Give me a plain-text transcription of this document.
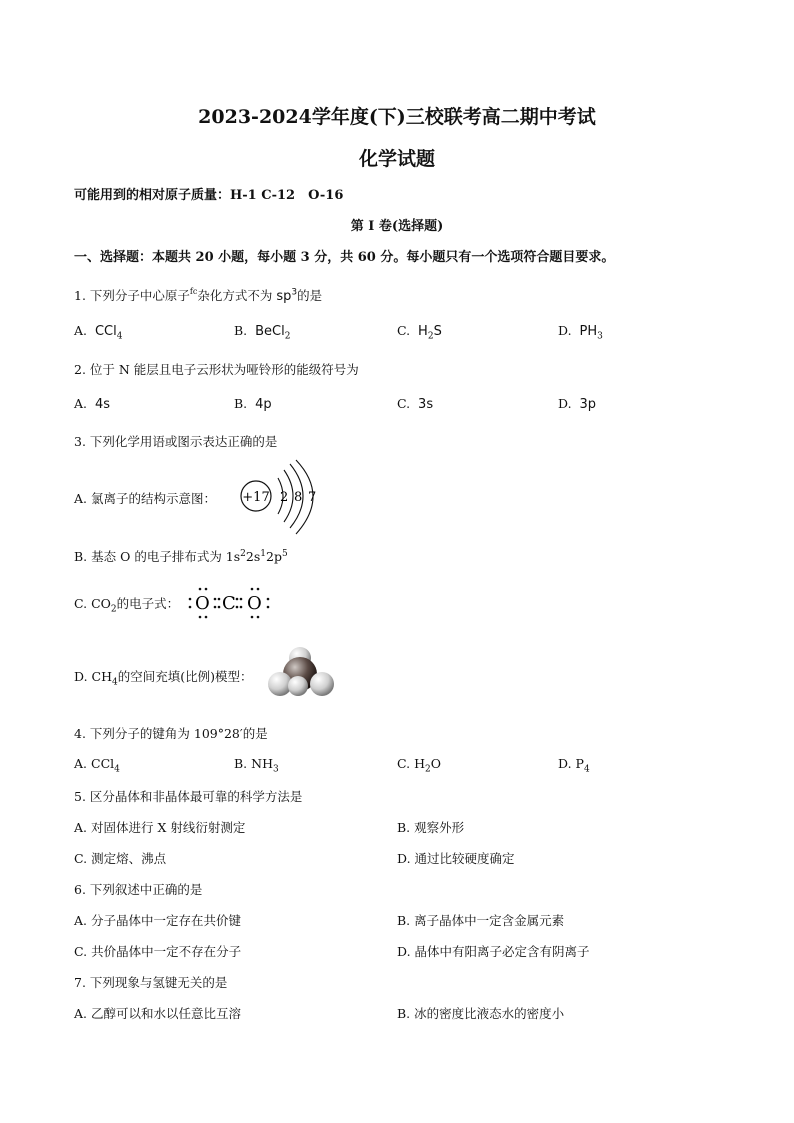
2023-2024学年度(下)三校联考高二期中考试
化学试题
可能用到的相对原子质量：H-1 C-12　O-16
第 I 卷(选择题)
一、选择题：本题共 20 小题，每小题 3 分，共 60 分。每小题只有一个选项符合题目要求。
1. 下列分子中心原子$^{fc}$杂化方式不为 $sp^3$的是
A. CCl$_4$	B. BeCl$_2$	C. $H_2S$	D. $PH_3$
2. 位于 N 能层且电子云形状为哑铃形的能级符号为
A. 4s	B. 4p	C. 3s	D. 3p
3. 下列化学用语或图示表达正确的是
A. 氯离子的结构示意图： +17 2 8 7
B. 基态 O 的电子排布式为 $1s^22s^12p^5$
C. $CO_2$的电子式： O C O
D. $CH_4$的空间充填(比例)模型：
4. 下列分子的键角为 109°28′的是
A. CCl$_4$	B. $NH_3$	C. $H_2O$	D. $P_4$
5. 区分晶体和非晶体最可靠的科学方法是
A. 对固体进行 X 射线衍射测定	B. 观察外形
C. 测定熔、沸点	D. 通过比较硬度确定
6. 下列叙述中正确的是
A. 分子晶体中一定存在共价键	B. 离子晶体中一定含金属元素
C. 共价晶体中一定不存在分子	D. 晶体中有阳离子必定含有阴离子
7. 下列现象与氢键无关的是
A. 乙醇可以和水以任意比互溶	B. 冰的密度比液态水的密度小
